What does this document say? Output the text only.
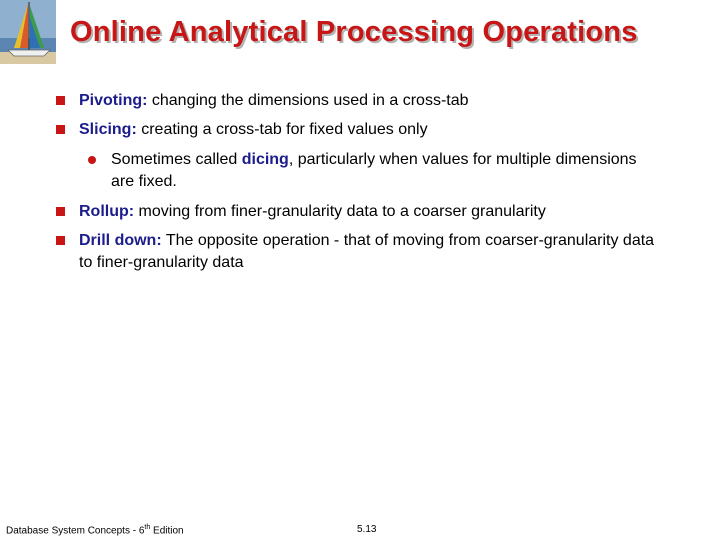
Online Analytical Processing Operations
Pivoting: changing the dimensions used in a cross-tab
Slicing: creating a cross-tab for fixed values only
Sometimes called dicing, particularly when values for multiple dimensions are fixed.
Rollup: moving from finer-granularity data to a coarser granularity
Drill down: The opposite operation - that of moving from coarser-granularity data to finer-granularity data
Database System Concepts - 6th Edition	5.13
